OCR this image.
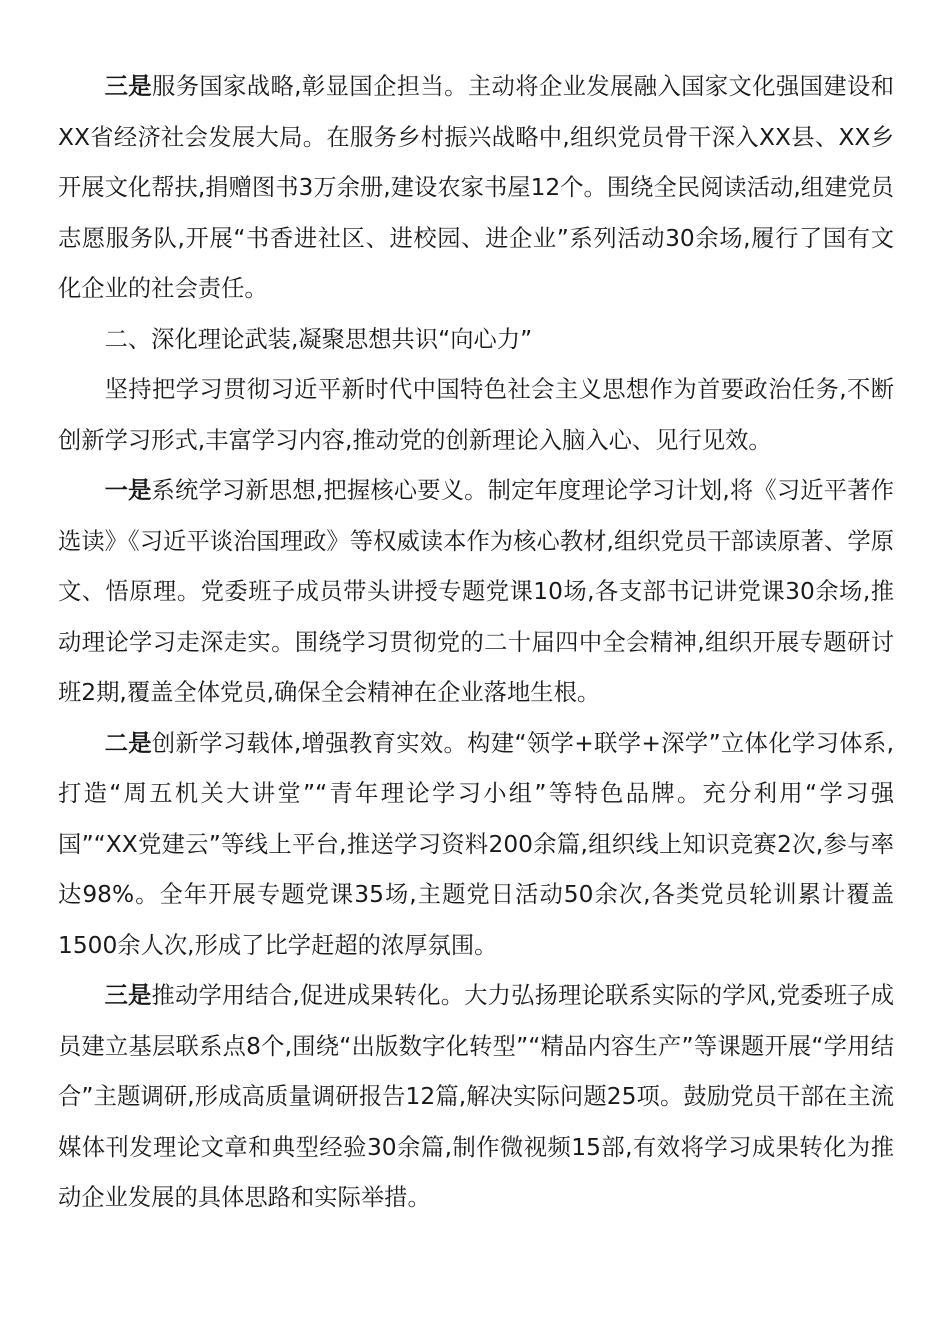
三是服务国家战略,彰显国企担当。主动将企业发展融入国家文化强国建设和XX省经济社会发展大局。在服务乡村振兴战略中,组织党员骨干深入XX县、XX乡开展文化帮扶,捐赠图书3万余册,建设农家书屋12个。围绕全民阅读活动,组建党员志愿服务队,开展“书香进社区、进校园、进企业”系列活动30余场,履行了国有文化企业的社会责任。

二、深化理论武装,凝聚思想共识“向心力”

坚持把学习贯彻习近平新时代中国特色社会主义思想作为首要政治任务,不断创新学习形式,丰富学习内容,推动党的创新理论入脑入心、见行见效。

一是系统学习新思想,把握核心要义。制定年度理论学习计划,将《习近平著作选读》《习近平谈治国理政》等权威读本作为核心教材,组织党员干部读原著、学原文、悟原理。党委班子成员带头讲授专题党课10场,各支部书记讲党课30余场,推动理论学习走深走实。围绕学习贯彻党的二十届四中全会精神,组织开展专题研讨班2期,覆盖全体党员,确保全会精神在企业落地生根。

二是创新学习载体,增强教育实效。构建“领学+联学+深学”立体化学习体系,打造“周五机关大讲堂”“青年理论学习小组”等特色品牌。充分利用“学习强国”“XX党建云”等线上平台,推送学习资料200余篇,组织线上知识竞赛2次,参与率达98%。全年开展专题党课35场,主题党日活动50余次,各类党员轮训累计覆盖1500余人次,形成了比学赶超的浓厚氛围。

三是推动学用结合,促进成果转化。大力弘扬理论联系实际的学风,党委班子成员建立基层联系点8个,围绕“出版数字化转型”“精品内容生产”等课题开展“学用结合”主题调研,形成高质量调研报告12篇,解决实际问题25项。鼓励党员干部在主流媒体刊发理论文章和典型经验30余篇,制作微视频15部,有效将学习成果转化为推动企业发展的具体思路和实际举措。
